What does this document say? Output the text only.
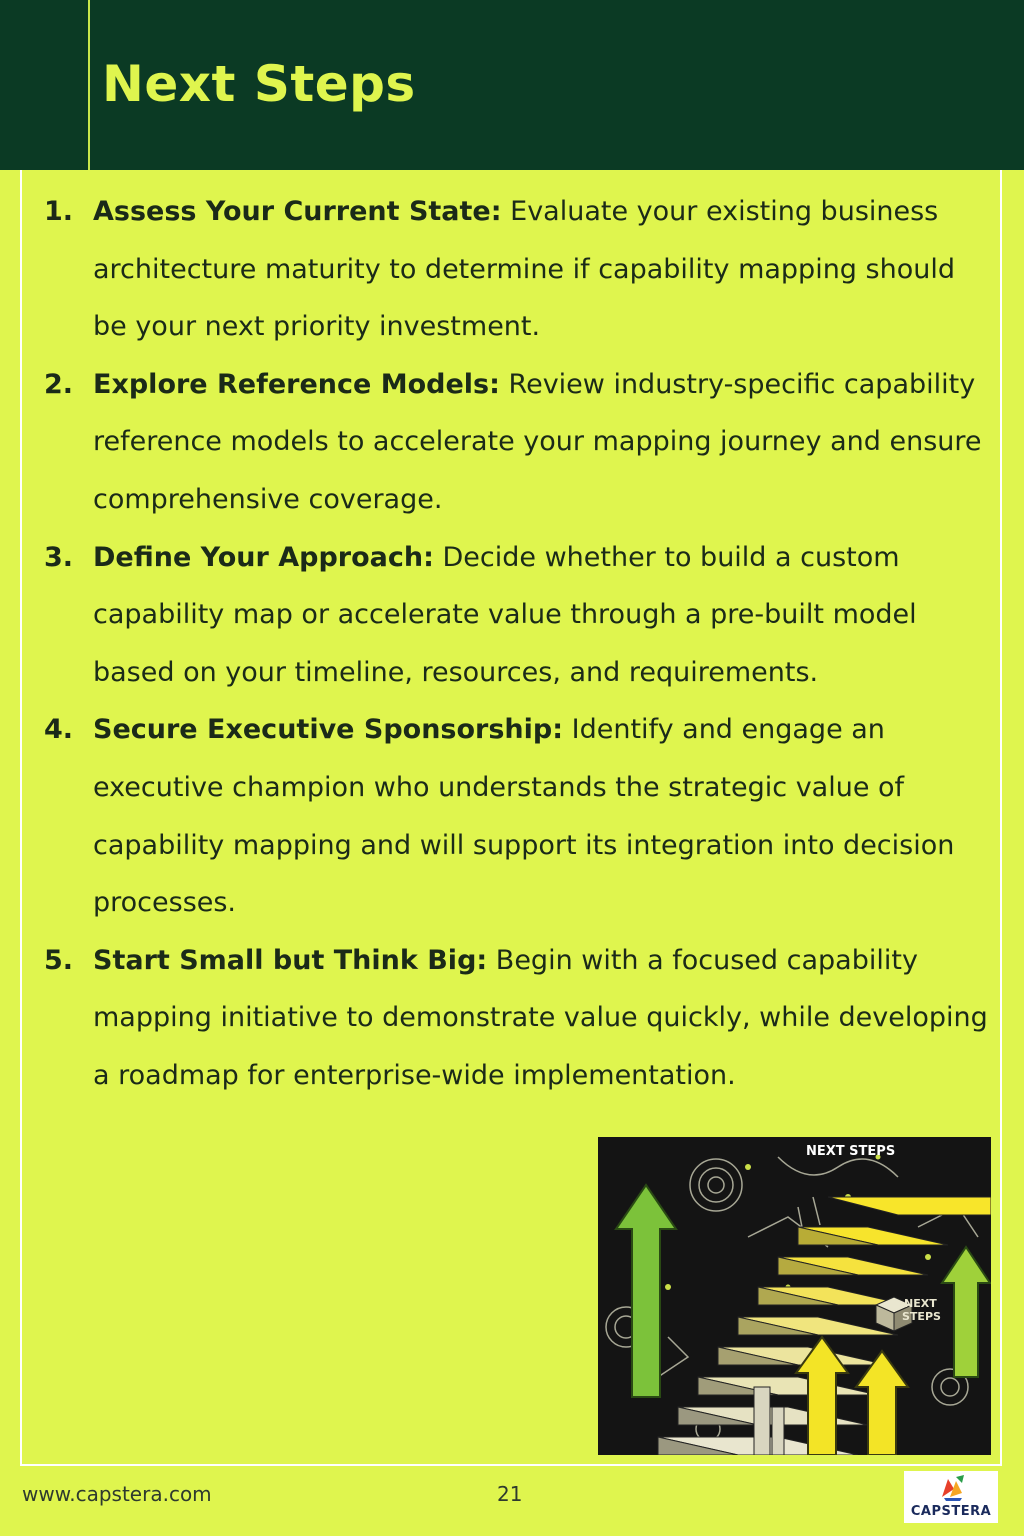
Next Steps
1. Assess Your Current State: Evaluate your existing business architecture maturity to determine if capability mapping should be your next priority investment.
2. Explore Reference Models: Review industry-specific capability reference models to accelerate your mapping journey and ensure comprehensive coverage.
3. Define Your Approach: Decide whether to build a custom capability map or accelerate value through a pre-built model based on your timeline, resources, and requirements.
4. Secure Executive Sponsorship: Identify and engage an executive champion who understands the strategic value of capability mapping and will support its integration into decision processes.
5. Start Small but Think Big: Begin with a focused capability mapping initiative to demonstrate value quickly, while developing a roadmap for enterprise-wide implementation.
NEXT STEPS
NEXT
STEPS
www.capstera.com	21
CAPSTERA
